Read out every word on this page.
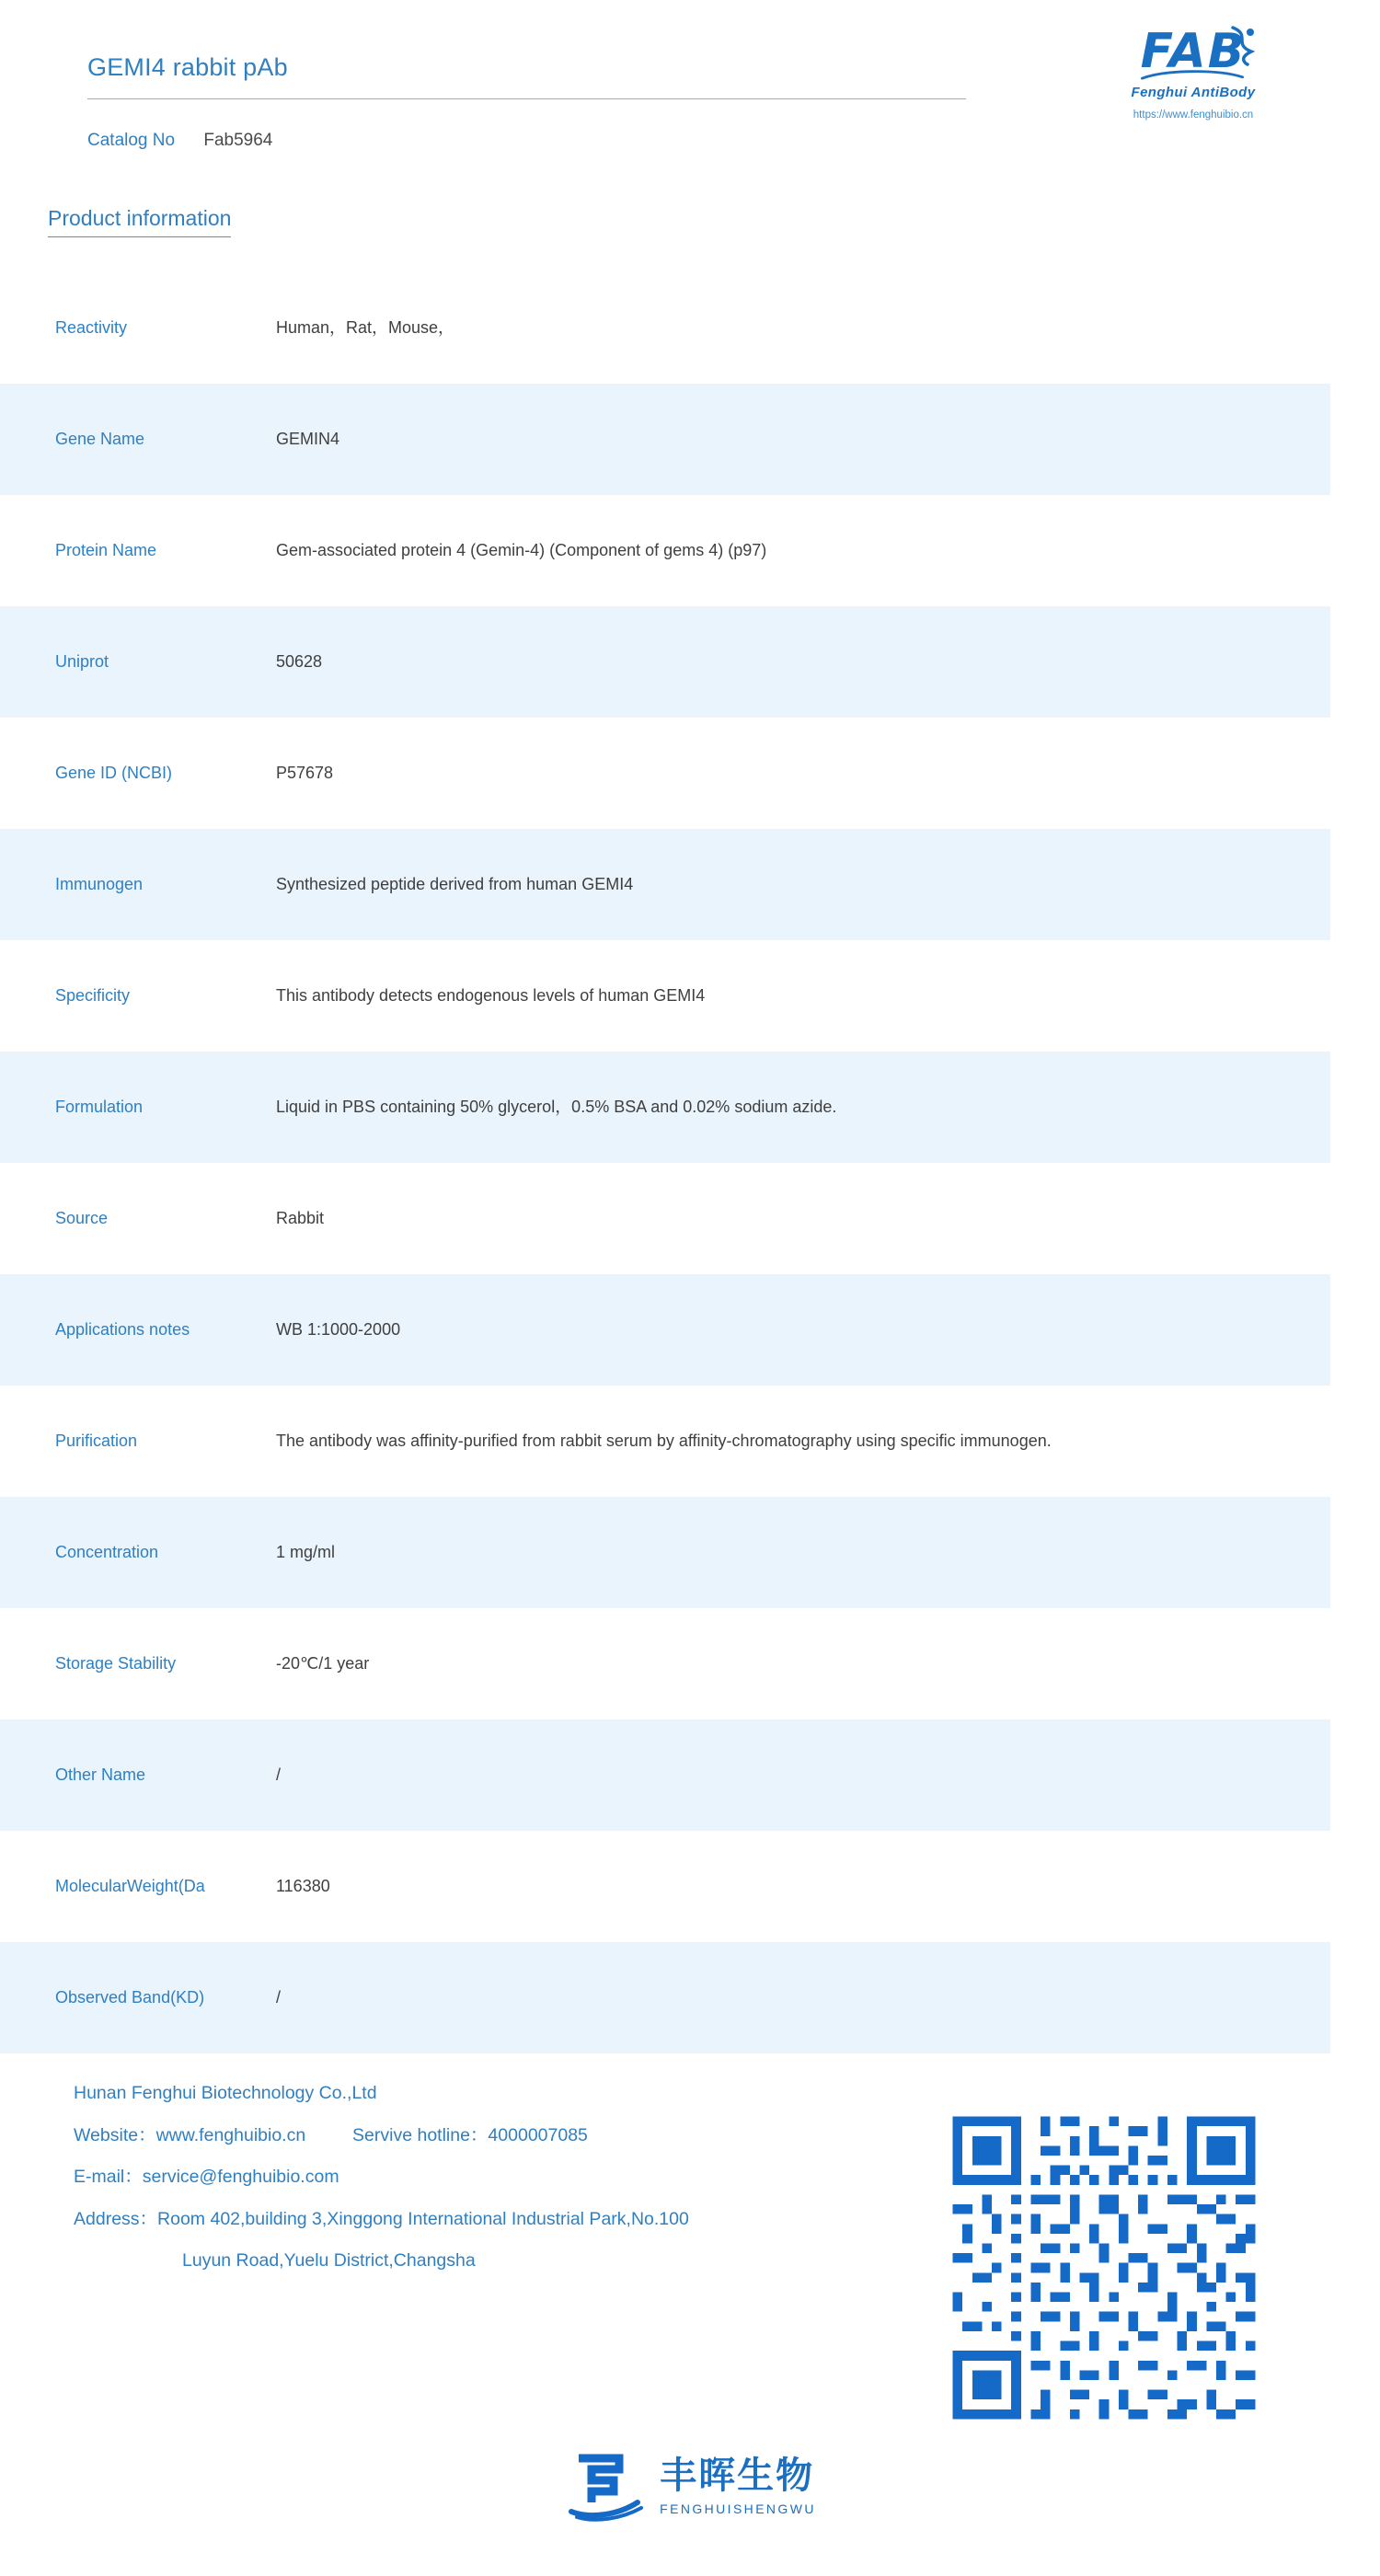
GEMI4 rabbit pAb
Catalog No Fab5964
FAB
Fenghui AntiBody
https://www.fenghuibio.cn
Product information
Reactivity	Human，Rat，Mouse，
Gene Name	GEMIN4
Protein Name	Gem-associated protein 4 (Gemin-4) (Component of gems 4) (p97)
Uniprot	50628
Gene ID (NCBI)	P57678
Immunogen	Synthesized peptide derived from human GEMI4
Specificity	This antibody detects endogenous levels of human GEMI4
Formulation	Liquid in PBS containing 50% glycerol，0.5% BSA and 0.02% sodium azide.
Source	Rabbit
Applications notes	WB 1:1000-2000
Purification	The antibody was affinity-purified from rabbit serum by affinity-chromatography using specific immunogen.
Concentration	1 mg/ml
Storage Stability	-20℃/1 year
Other Name	/
MolecularWeight(Da	116380
Observed Band(KD)	/
Hunan Fenghui Biotechnology Co.,Ltd
Website：www.fenghuibio.cn	Servive hotline：4000007085
E-mail：service@fenghuibio.com
Address：Room 402,building 3,Xinggong International Industrial Park,No.100
Luyun Road,Yuelu District,Changsha
丰晖生物
FENGHUISHENGWU
